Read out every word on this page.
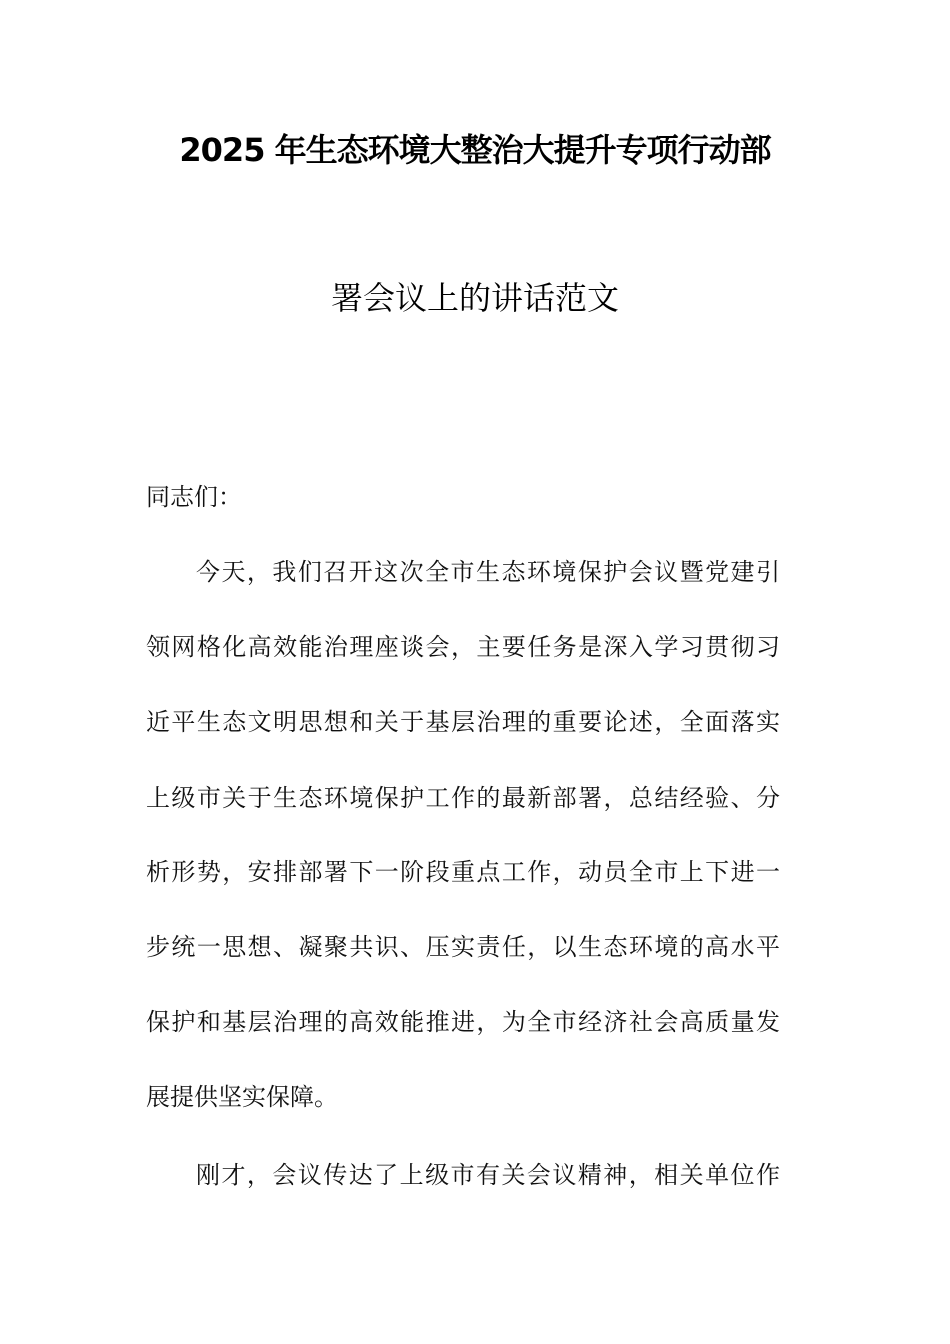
2025 年生态环境大整治大提升专项行动部
署会议上的讲话范文
同志们：
今天，我们召开这次全市生态环境保护会议暨党建引
领网格化高效能治理座谈会，主要任务是深入学习贯彻习
近平生态文明思想和关于基层治理的重要论述，全面落实
上级市关于生态环境保护工作的最新部署，总结经验、分
析形势，安排部署下一阶段重点工作，动员全市上下进一
步统一思想、凝聚共识、压实责任，以生态环境的高水平
保护和基层治理的高效能推进，为全市经济社会高质量发
展提供坚实保障。
刚才，会议传达了上级市有关会议精神，相关单位作
